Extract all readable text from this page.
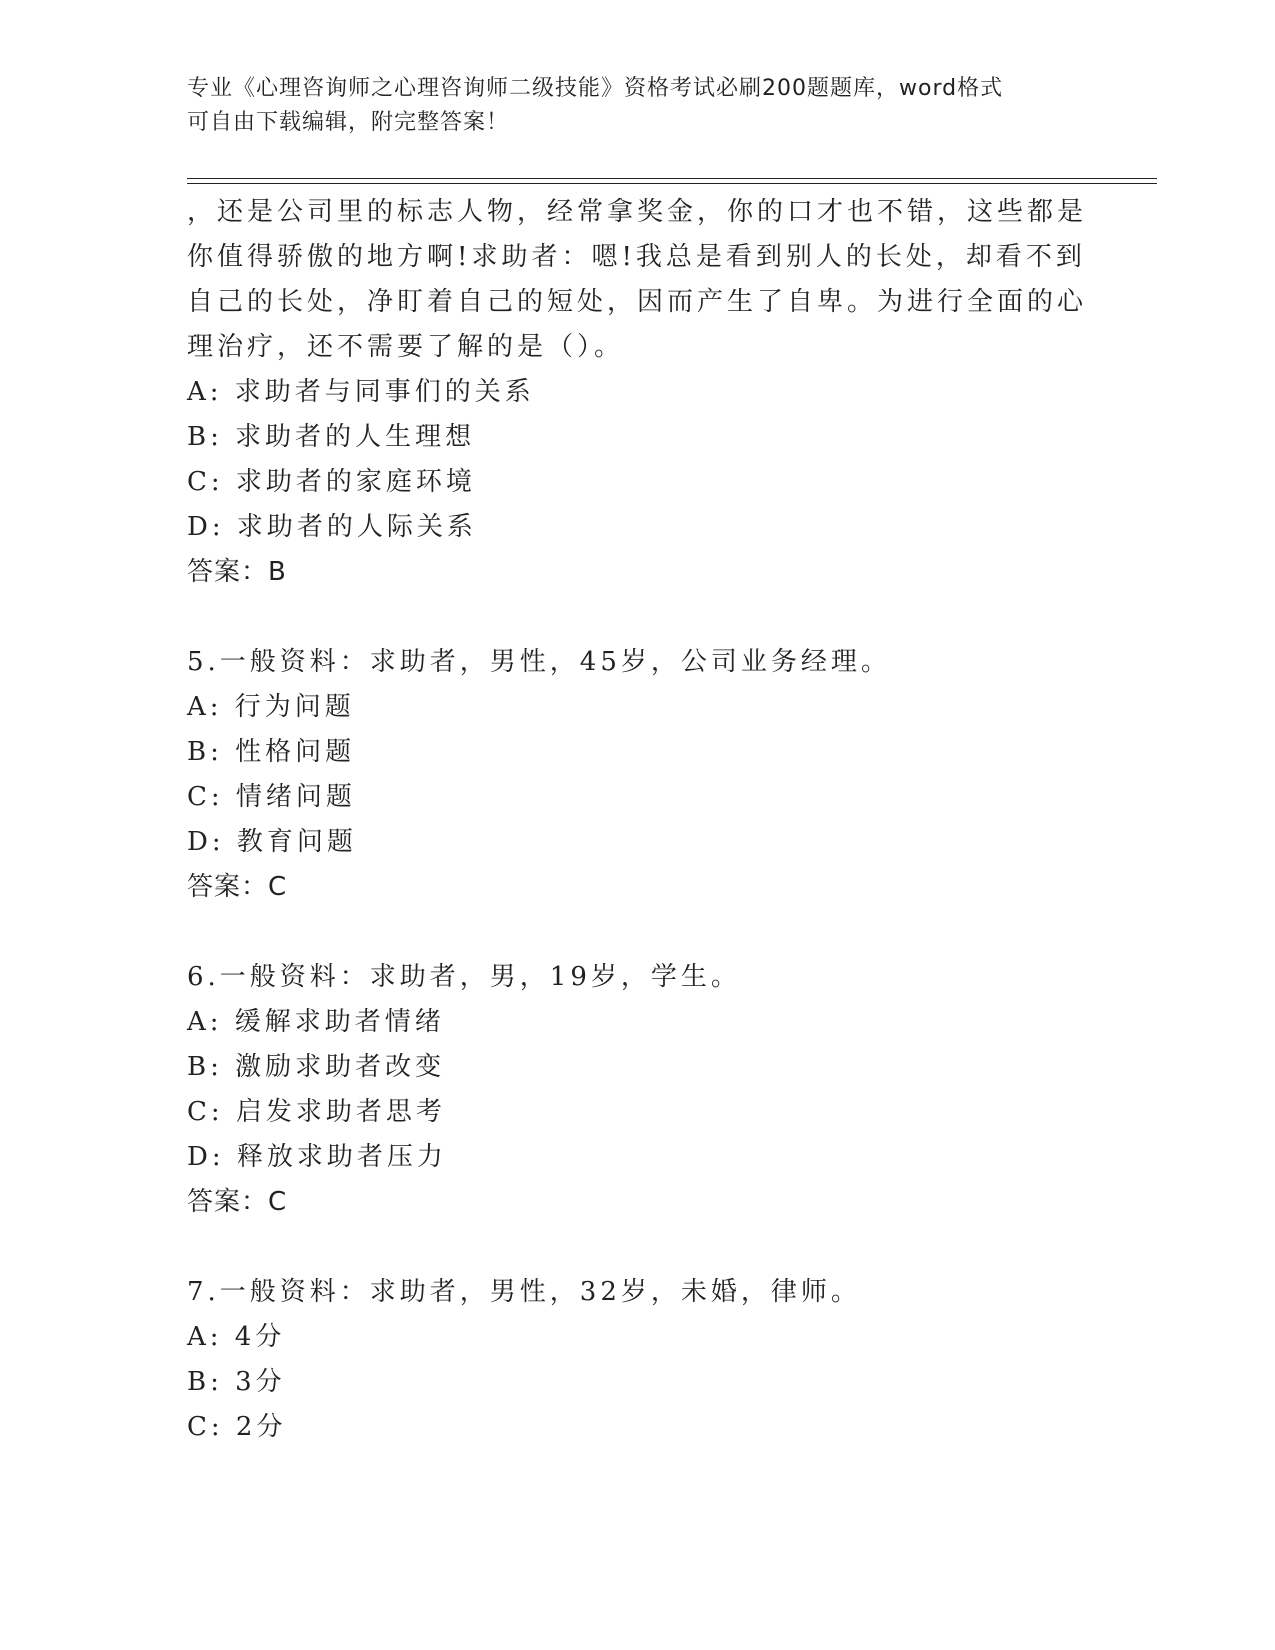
专业《心理咨询师之心理咨询师二级技能》资格考试必刷200题题库，word格式
可自由下载编辑，附完整答案！
，还是公司里的标志人物，经常拿奖金，你的口才也不错，这些都是
你值得骄傲的地方啊!求助者：嗯!我总是看到别人的长处，却看不到
自己的长处，净盯着自己的短处，因而产生了自卑。为进行全面的心
理治疗，还不需要了解的是（）。
A: 求助者与同事们的关系
B: 求助者的人生理想
C: 求助者的家庭环境
D: 求助者的人际关系
答案：B
5.一般资料：求助者，男性，45岁，公司业务经理。
A: 行为问题
B: 性格问题
C: 情绪问题
D: 教育问题
答案：C
6.一般资料：求助者，男，19岁，学生。
A: 缓解求助者情绪
B: 激励求助者改变
C: 启发求助者思考
D: 释放求助者压力
答案：C
7.一般资料：求助者，男性，32岁，未婚，律师。
A: 4分
B: 3分
C: 2分
